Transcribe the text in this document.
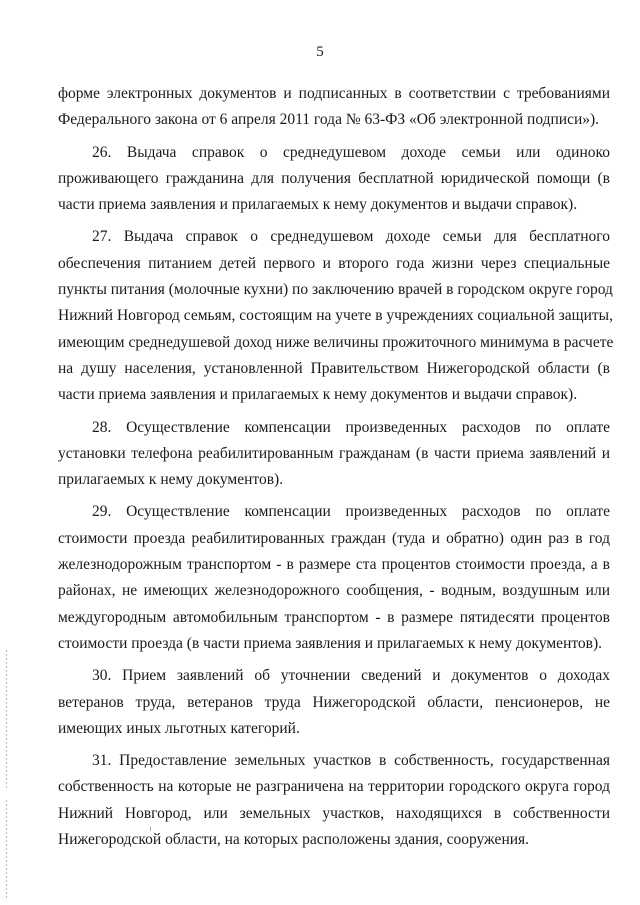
5
форме электронных документов и подписанных в соответствии с требованиями
Федерального закона от 6 апреля 2011 года № 63-ФЗ «Об электронной подписи»).
26. Выдача справок о среднедушевом доходе семьи или одиноко
проживающего гражданина для получения бесплатной юридической помощи (в
части приема заявления и прилагаемых к нему документов и выдачи справок).
27. Выдача справок о среднедушевом доходе семьи для бесплатного
обеспечения питанием детей первого и второго года жизни через специальные
пункты питания (молочные кухни) по заключению врачей в городском округе город
Нижний Новгород семьям, состоящим на учете в учреждениях социальной защиты,
имеющим среднедушевой доход ниже величины прожиточного минимума в расчете
на душу населения, установленной Правительством Нижегородской области (в
части приема заявления и прилагаемых к нему документов и выдачи справок).
28. Осуществление компенсации произведенных расходов по оплате
установки телефона реабилитированным гражданам (в части приема заявлений и
прилагаемых к нему документов).
29. Осуществление компенсации произведенных расходов по оплате
стоимости проезда реабилитированных граждан (туда и обратно) один раз в год
железнодорожным транспортом - в размере ста процентов стоимости проезда, а в
районах, не имеющих железнодорожного сообщения, - водным, воздушным или
междугородным автомобильным транспортом - в размере пятидесяти процентов
стоимости проезда (в части приема заявления и прилагаемых к нему документов).
30. Прием заявлений об уточнении сведений и документов о доходах
ветеранов труда, ветеранов труда Нижегородской области, пенсионеров, не
имеющих иных льготных категорий.
31. Предоставление земельных участков в собственность, государственная
собственность на которые не разграничена на территории городского округа город
Нижний Новгород, или земельных участков, находящихся в собственности
Нижегородской области, на которых расположены здания, сооружения.
